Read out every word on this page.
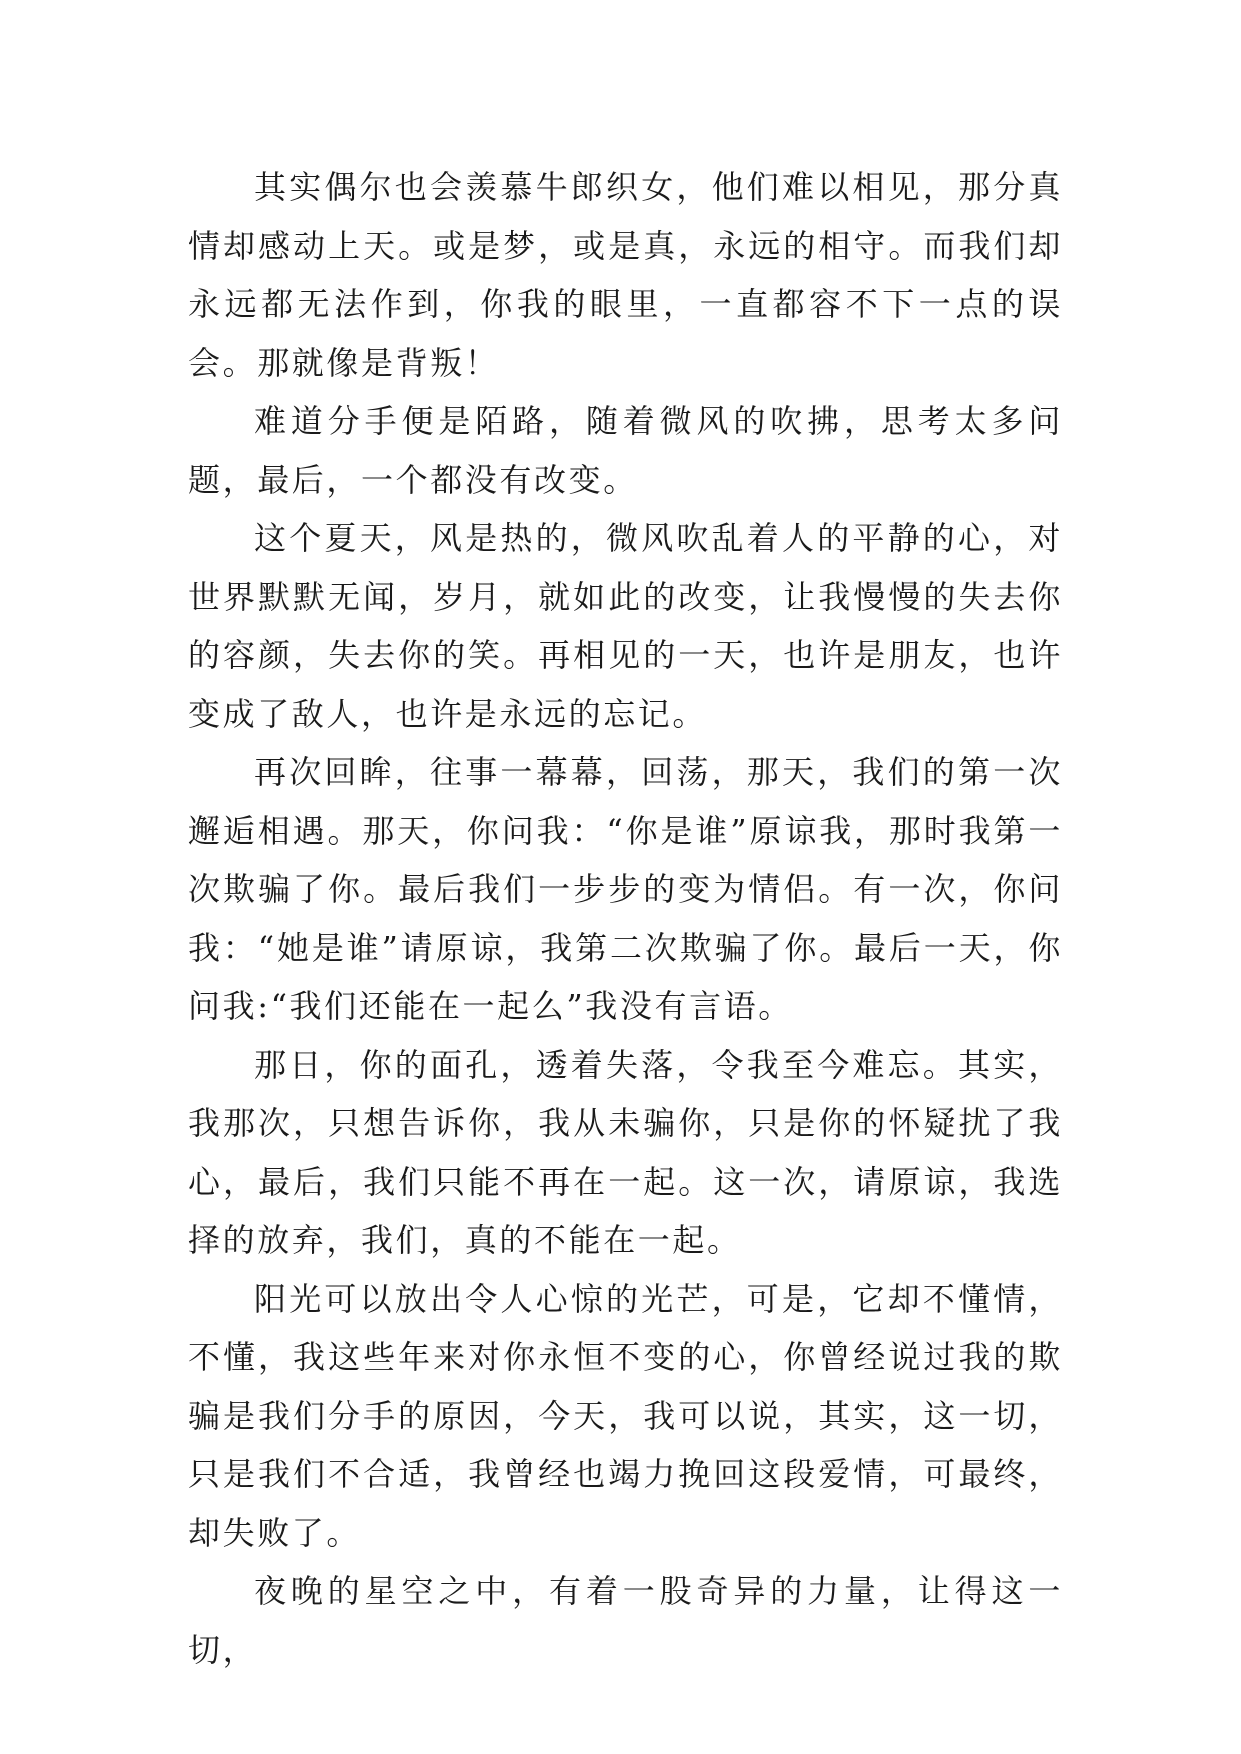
其实偶尔也会羡慕牛郎织女，他们难以相见，那分真情却感动上天。或是梦，或是真，永远的相守。而我们却永远都无法作到，你我的眼里，一直都容不下一点的误会。那就像是背叛！

难道分手便是陌路，随着微风的吹拂，思考太多问题，最后，一个都没有改变。

这个夏天，风是热的，微风吹乱着人的平静的心，对世界默默无闻，岁月，就如此的改变，让我慢慢的失去你的容颜，失去你的笑。再相见的一天，也许是朋友，也许变成了敌人，也许是永远的忘记。

再次回眸，往事一幕幕，回荡，那天，我们的第一次邂逅相遇。那天，你问我：“你是谁”原谅我，那时我第一次欺骗了你。最后我们一步步的变为情侣。有一次，你问我：“她是谁”请原谅，我第二次欺骗了你。最后一天，你问我:“我们还能在一起么”我没有言语。

那日，你的面孔，透着失落，令我至今难忘。其实，我那次，只想告诉你，我从未骗你，只是你的怀疑扰了我心，最后，我们只能不再在一起。这一次，请原谅，我选择的放弃，我们，真的不能在一起。

阳光可以放出令人心惊的光芒，可是，它却不懂情，不懂，我这些年来对你永恒不变的心，你曾经说过我的欺骗是我们分手的原因，今天，我可以说，其实，这一切，只是我们不合适，我曾经也竭力挽回这段爱情，可最终，却失败了。

夜晚的星空之中，有着一股奇异的力量，让得这一切，
